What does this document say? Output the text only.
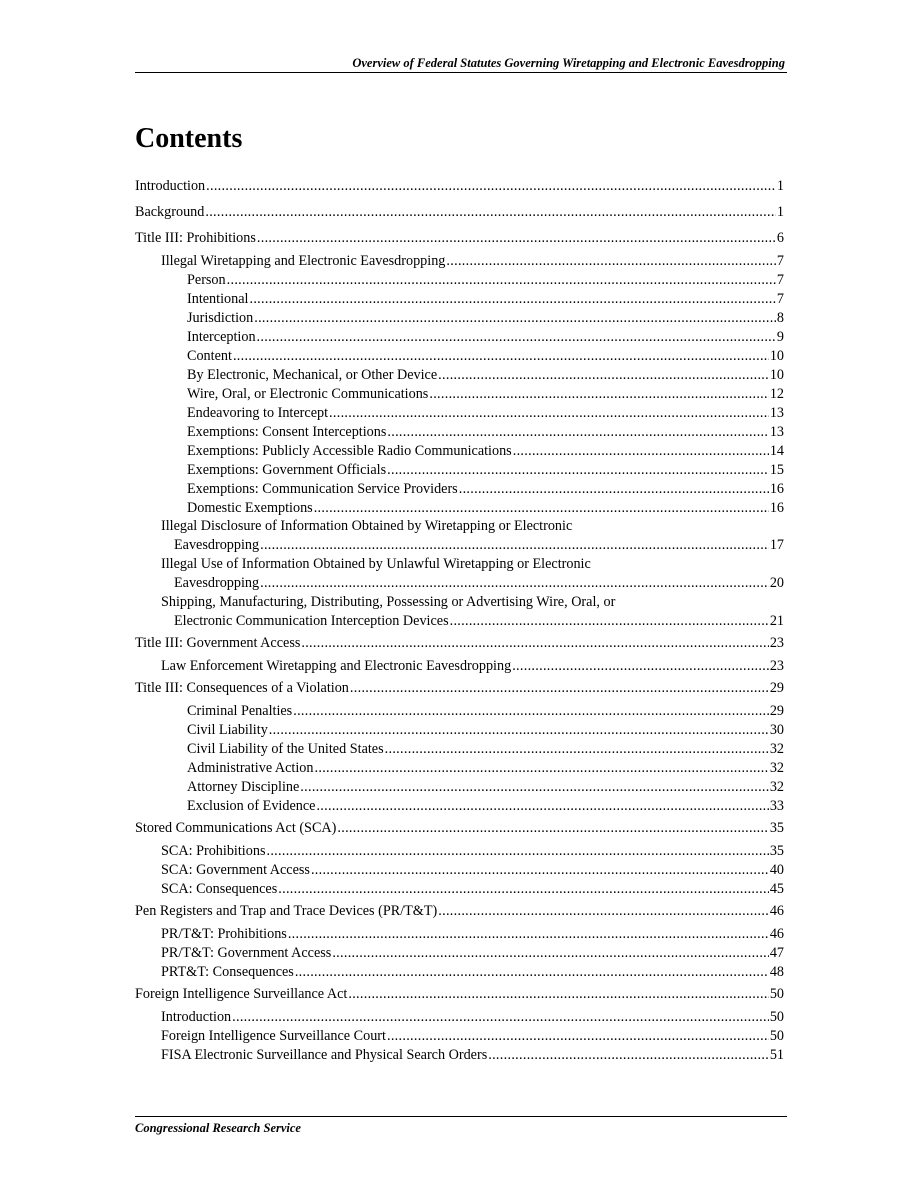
Overview of Federal Statutes Governing Wiretapping and Electronic Eavesdropping
Contents
Introduction .....	1
Background .....	1
Title III: Prohibitions .....	6
Illegal Wiretapping and Electronic Eavesdropping .....	7
Person .....	7
Intentional .....	7
Jurisdiction .....	8
Interception .....	9
Content .....	10
By Electronic, Mechanical, or Other Device .....	10
Wire, Oral, or Electronic Communications .....	12
Endeavoring to Intercept .....	13
Exemptions: Consent Interceptions .....	13
Exemptions: Publicly Accessible Radio Communications .....	14
Exemptions: Government Officials .....	15
Exemptions: Communication Service Providers .....	16
Domestic Exemptions .....	16
Illegal Disclosure of Information Obtained by Wiretapping or Electronic
Eavesdropping .....	17
Illegal Use of Information Obtained by Unlawful Wiretapping or Electronic
Eavesdropping .....	20
Shipping, Manufacturing, Distributing, Possessing or Advertising Wire, Oral, or
Electronic Communication Interception Devices .....	21
Title III: Government Access .....	23
Law Enforcement Wiretapping and Electronic Eavesdropping .....	23
Title III: Consequences of a Violation .....	29
Criminal Penalties .....	29
Civil Liability .....	30
Civil Liability of the United States .....	32
Administrative Action .....	32
Attorney Discipline .....	32
Exclusion of Evidence .....	33
Stored Communications Act (SCA) .....	35
SCA: Prohibitions .....	35
SCA: Government Access .....	40
SCA: Consequences .....	45
Pen Registers and Trap and Trace Devices (PR/T&T) .....	46
PR/T&T: Prohibitions .....	46
PR/T&T: Government Access .....	47
PRT&T: Consequences .....	48
Foreign Intelligence Surveillance Act .....	50
Introduction .....	50
Foreign Intelligence Surveillance Court .....	50
FISA Electronic Surveillance and Physical Search Orders .....	51
Congressional Research Service
